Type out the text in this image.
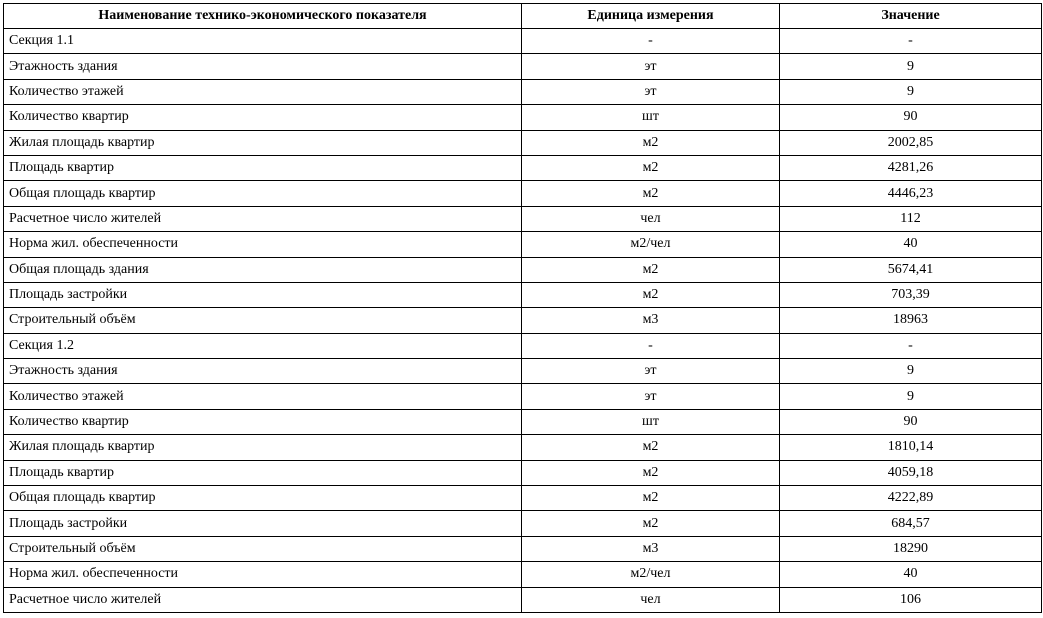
Наименование технико-экономического показателя	Единица измерения	Значение
Секция 1.1	-	-
Этажность здания	эт	9
Количество этажей	эт	9
Количество квартир	шт	90
Жилая площадь квартир	м2	2002,85
Площадь квартир	м2	4281,26
Общая площадь квартир	м2	4446,23
Расчетное число жителей	чел	112
Норма жил. обеспеченности	м2/чел	40
Общая площадь здания	м2	5674,41
Площадь застройки	м2	703,39
Строительный объём	м3	18963
Секция 1.2	-	-
Этажность здания	эт	9
Количество этажей	эт	9
Количество квартир	шт	90
Жилая площадь квартир	м2	1810,14
Площадь квартир	м2	4059,18
Общая площадь квартир	м2	4222,89
Площадь застройки	м2	684,57
Строительный объём	м3	18290
Норма жил. обеспеченности	м2/чел	40
Расчетное число жителей	чел	106
